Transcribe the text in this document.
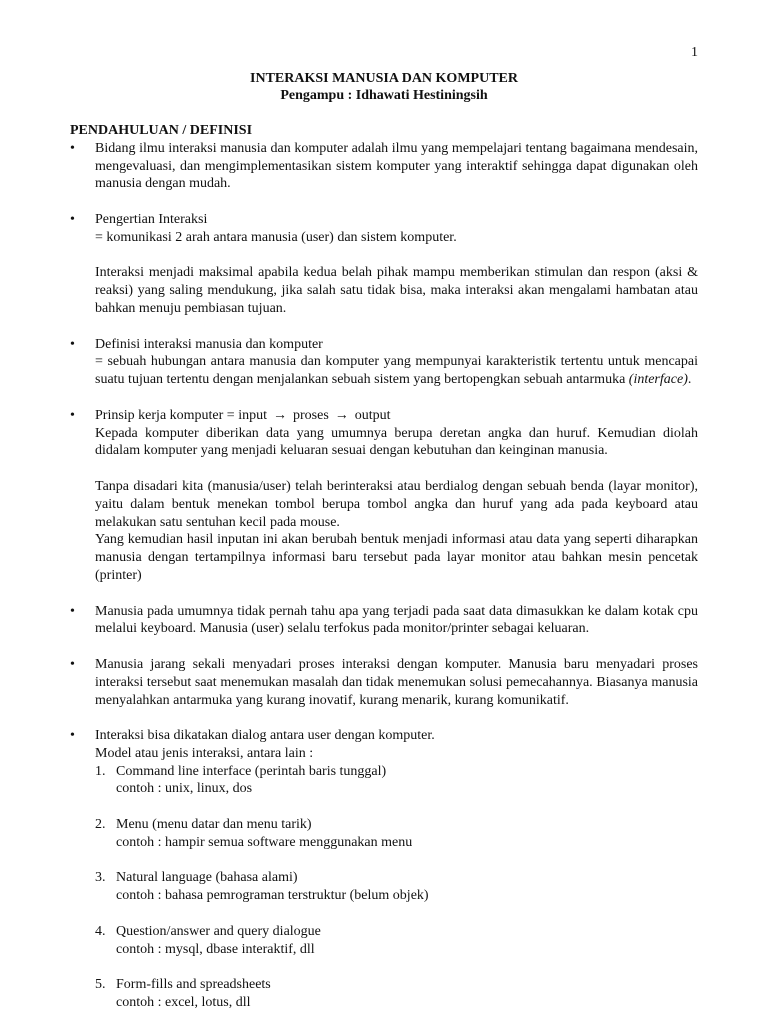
1
INTERAKSI MANUSIA DAN KOMPUTER
Pengampu : Idhawati Hestiningsih
PENDAHULUAN / DEFINISI
• Bidang ilmu interaksi manusia dan komputer adalah ilmu yang mempelajari tentang bagaimana mendesain, mengevaluasi, dan mengimplementasikan sistem komputer yang interaktif sehingga dapat digunakan oleh manusia dengan mudah.
• Pengertian Interaksi
= komunikasi 2 arah antara manusia (user) dan sistem komputer.
Interaksi menjadi maksimal apabila kedua belah pihak mampu memberikan stimulan dan respon (aksi & reaksi) yang saling mendukung, jika salah satu tidak bisa, maka interaksi akan mengalami hambatan atau bahkan menuju pembiasan tujuan.
• Definisi interaksi manusia dan komputer
= sebuah hubungan antara manusia dan komputer yang mempunyai karakteristik tertentu untuk mencapai suatu tujuan tertentu dengan menjalankan sebuah sistem yang bertopengkan sebuah antarmuka (interface).
• Prinsip kerja komputer = input → proses → output
Kepada komputer diberikan data yang umumnya berupa deretan angka dan huruf. Kemudian diolah didalam komputer yang menjadi keluaran sesuai dengan kebutuhan dan keinginan manusia.
Tanpa disadari kita (manusia/user) telah berinteraksi atau berdialog dengan sebuah benda (layar monitor), yaitu dalam bentuk menekan tombol berupa tombol angka dan huruf yang ada pada keyboard atau melakukan satu sentuhan kecil pada mouse.
Yang kemudian hasil inputan ini akan berubah bentuk menjadi informasi atau data yang seperti diharapkan manusia dengan tertampilnya informasi baru tersebut pada layar monitor atau bahkan mesin pencetak (printer)
• Manusia pada umumnya tidak pernah tahu apa yang terjadi pada saat data dimasukkan ke dalam kotak cpu melalui keyboard. Manusia (user) selalu terfokus pada monitor/printer sebagai keluaran.
• Manusia jarang sekali menyadari proses interaksi dengan komputer. Manusia baru menyadari proses interaksi tersebut saat menemukan masalah dan tidak menemukan solusi pemecahannya. Biasanya manusia menyalahkan antarmuka yang kurang inovatif, kurang menarik, kurang komunikatif.
• Interaksi bisa dikatakan dialog antara user dengan komputer.
Model atau jenis interaksi, antara lain :
1. Command line interface (perintah baris tunggal)
contoh : unix, linux, dos
2. Menu (menu datar dan menu tarik)
contoh : hampir semua software menggunakan menu
3. Natural language (bahasa alami)
contoh : bahasa pemrograman terstruktur (belum objek)
4. Question/answer and query dialogue
contoh : mysql, dbase interaktif, dll
5. Form-fills and spreadsheets
contoh : excel, lotus, dll
